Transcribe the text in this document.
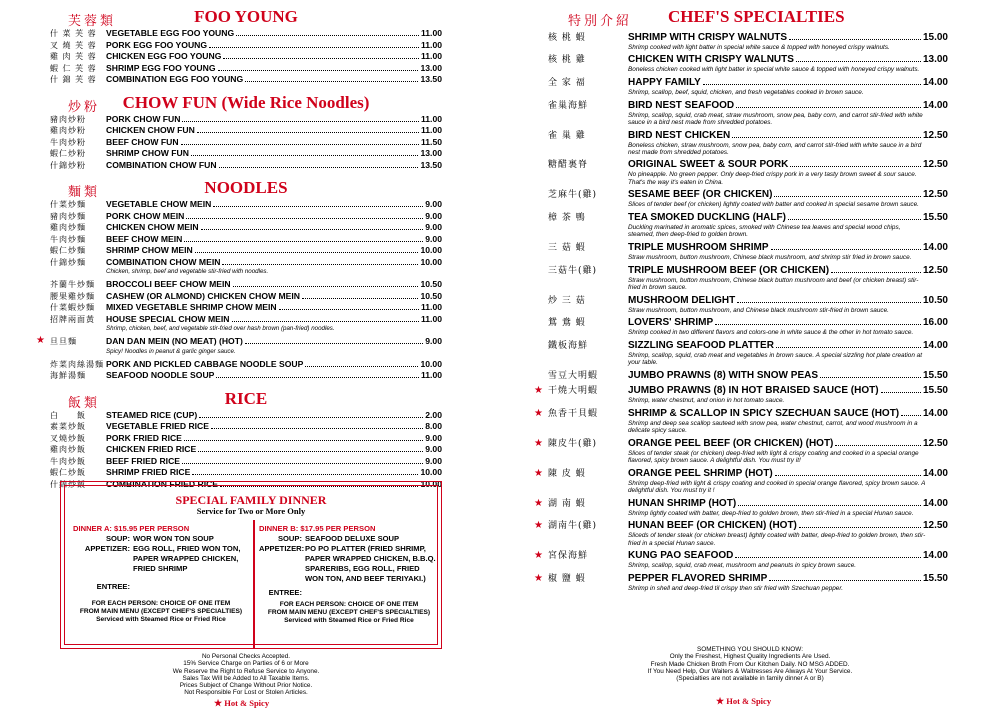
芙蓉類	FOO YOUNG
什 菜 芙 蓉	VEGETABLE EGG FOO YOUNG	11.00
叉 燒 芙 蓉	PORK EGG FOO YOUNG	11.00
雞 肉 芙 蓉	CHICKEN EGG FOO YOUNG	11.00
蝦 仁 芙 蓉	SHRIMP EGG FOO YOUNG	13.00
什 錦 芙 蓉	COMBINATION EGG FOO YOUNG	13.50
炒粉	CHOW FUN (Wide Rice Noodles)
豬肉炒粉	PORK CHOW FUN	11.00
雞肉炒粉	CHICKEN CHOW FUN	11.00
牛肉炒粉	BEEF CHOW FUN	11.50
蝦仁炒粉	SHRIMP CHOW FUN	13.00
什錦炒粉	COMBINATION CHOW FUN	13.50
麵類	NOODLES
什菜炒麵	VEGETABLE CHOW MEIN	9.00
豬肉炒麵	PORK CHOW MEIN	9.00
雞肉炒麵	CHICKEN CHOW MEIN	9.00
牛肉炒麵	BEEF CHOW MEIN	9.00
蝦仁炒麵	SHRIMP CHOW MEIN	10.00
什錦炒麵	COMBINATION CHOW MEIN	10.00
Chicken, shrimp, beef and vegetable stir-fried with noodles.
芥蘭牛炒麵	BROCCOLI BEEF CHOW MEIN	10.50
腰果雞炒麵	CASHEW (OR ALMOND) CHICKEN CHOW MEIN	10.50
什菜蝦炒麵	MIXED VEGETABLE SHRIMP CHOW MEIN	11.00
招牌兩面黃	HOUSE SPECIAL CHOW MEIN	11.00
Shrimp, chicken, beef, and vegetable stir-fried over hash brown (pan-fried) noodles.
★ 旦旦麵	DAN DAN MEIN (NO MEAT) (HOT)	9.00
Spicy! Noodles in peanut & garlic ginger sauce.
炸菜肉絲湯麵 PORK AND PICKLED CABBAGE NOODLE SOUP	10.00
海鮮湯麵	SEAFOOD NOODLE SOUP	11.00
飯類	RICE
白　　飯	STEAMED RICE (CUP)	2.00
素菜炒飯	VEGETABLE FRIED RICE	8.00
叉燒炒飯	PORK FRIED RICE	9.00
雞肉炒飯	CHICKEN FRIED RICE	9.00
牛肉炒飯	BEEF FRIED RICE	9.00
蝦仁炒飯	SHRIMP FRIED RICE	10.00
什錦炒飯	COMBINATION FRIED RICE	10.00
SPECIAL FAMILY DINNER
Service for Two or More Only
DINNER A: $15.95 PER PERSON
SOUP: WOR WON TON SOUP
APPETIZER: EGG ROLL, FRIED WON TON, PAPER WRAPPED CHICKEN, FRIED SHRIMP
ENTREE:
FOR EACH PERSON: CHOICE OF ONE ITEM
FROM MAIN MENU (EXCEPT CHEF'S SPECIALTIES)
Serviced with Steamed Rice or Fried Rice
DINNER B: $17.95 PER PERSON
SOUP: SEAFOOD DELUXE SOUP
APPETIZER: PO PO PLATTER (FRIED SHRIMP, PAPER WRAPPED CHICKEN, B.B.Q. SPARERIBS, EGG ROLL, FRIED WON TON, AND BEEF TERIYAKI.)
ENTREE:
FOR EACH PERSON: CHOICE OF ONE ITEM
FROM MAIN MENU (EXCEPT CHEF'S SPECIALTIES)
Serviced with Steamed Rice or Fried Rice
No Personal Checks Accepted.
15% Service Charge on Parties of 6 or More
We Reserve the Right to Refuse Service to Anyone.
Sales Tax Will be Added to All Taxable Items.
Prices Subject of Change Without Prior Notice.
Not Responsible For Lost or Stolen Articles.
★ Hot & Spicy
特別介紹 CHEF'S SPECIALTIES
核 桃 蝦	SHRIMP WITH CRISPY WALNUTS	15.00
Shrimp cooked with light batter in special white sauce & topped with honeyed crispy walnuts.
核 桃 雞	CHICKEN WITH CRISPY WALNUTS	13.00
Boneless chicken cooked with light batter in special white sauce & topped with honeyed crispy walnuts.
全 家 福	HAPPY FAMILY	14.00
Shrimp, scallop, beef, squid, chicken, and fresh vegetables cooked in brown sauce.
雀巢海鮮	BIRD NEST SEAFOOD	14.00
Shrimp, scallop, squid, crab meat, straw mushroom, snow pea, baby corn, and carrot stir-fried with white sauce in a bird nest made from shredded potatoes.
雀 巢 雞	BIRD NEST CHICKEN	12.50
Boneless chicken, straw mushroom, snow pea, baby corn, and carrot stir-fried with white sauce in a bird nest made from shredded potatoes.
糖醋裏脊	ORIGINAL SWEET & SOUR PORK	12.50
No pineapple. No green pepper. Only deep-fried crispy pork in a very tasty brown sweet & sour sauce. That's the way it's eaten in China.
芝麻牛(雞)	SESAME BEEF (OR CHICKEN)	12.50
Slices of tender beef (or chicken) lightly coated with batter and cooked in special sesame brown sauce.
樟 茶 鴨	TEA SMOKED DUCKLING (HALF)	15.50
Duckling marinated in aromatic spices, smoked with Chinese tea leaves and special wood chips, steamed, then deep-fried to golden brown.
三 菇 蝦	TRIPLE MUSHROOM SHRIMP	14.00
Straw mushroom, button mushroom, Chinese black mushroom, and shrimp stir fried in brown sauce.
三菇牛(雞)	TRIPLE MUSHROOM BEEF (OR CHICKEN)	12.50
Straw mushroom, button mushroom, Chinese black button mushroom and beef (or chicken breast) stir-fried in brown sauce.
炒 三 菇	MUSHROOM DELIGHT	10.50
Straw mushroom, button mushroom, and Chinese black mushroom stir-fried in brown sauce.
鴛 鴦 蝦	LOVERS' SHRIMP	16.00
Shrimp cooked in two different flavors and colors-one in white sauce & the other in hot tomato sauce.
鐵板海鮮	SIZZLING SEAFOOD PLATTER	14.00
Shrimp, scallop, squid, crab meat and vegetables in brown sauce. A special sizzling hot plate creation at your table.
雪豆大明蝦	JUMBO PRAWNS (8) WITH SNOW PEAS	15.50
★ 干燒大明蝦	JUMBO PRAWNS (8) IN HOT BRAISED SAUCE (HOT)	15.50
Shrimp, water chestnut, and onion in hot tomato sauce.
★ 魚香干貝蝦	SHRIMP & SCALLOP IN SPICY SZECHUAN SAUCE (HOT) 14.00
Shrimp and deep sea scallop sauteed with snow pea, water chestnut, carrot, and wood mushroom in a delicate spicy sauce.
★ 陳皮牛(雞)	ORANGE PEEL BEEF (OR CHICKEN) (HOT)	12.50
Slices of tender steak (or chicken) deep-fried with light & crispy coating and cooked in a special orange flavored, spicy brown sauce. A delightful dish. You must try it!
★ 陳 皮 蝦	ORANGE PEEL SHRIMP (HOT)	14.00
Shrimp deep-fried with light & crispy coating and cooked in special orange flavored, spicy brown sauce. A delightful dish. You must try it !
★ 湖 南 蝦	HUNAN SHRIMP (HOT)	14.00
Shrimp lightly coated with batter, deep-fried to golden brown, then stir-fried in a special Hunan sauce.
★ 湖南牛(雞)	HUNAN BEEF (OR CHICKEN) (HOT)	12.50
Sliceds of tender steak (or chicken breast) lightly coated with batter, deep-fried to golden brown, then stir-fried in a special Hunan sauce.
★ 宮保海鮮	KUNG PAO SEAFOOD	14.00
Shrimp, scallop, squid, crab meat, mushroom and peanuts in spicy brown sauce.
★ 椒 鹽 蝦	PEPPER FLAVORED SHRIMP	15.50
Shrimp in shell and deep-fried til crispy then stir fried with Szechuan pepper.
SOMETHING YOU SHOULD KNOW:
Only the Freshest, Highest Quality Ingredients Are Used.
Fresh Made Chicken Broth From Our Kitchen Daily. NO MSG ADDED.
If You Need Help, Our Waiters & Waitresses Are Always At Your Service.
(Specialties are not available in family dinner A or B)
★ Hot & Spicy
